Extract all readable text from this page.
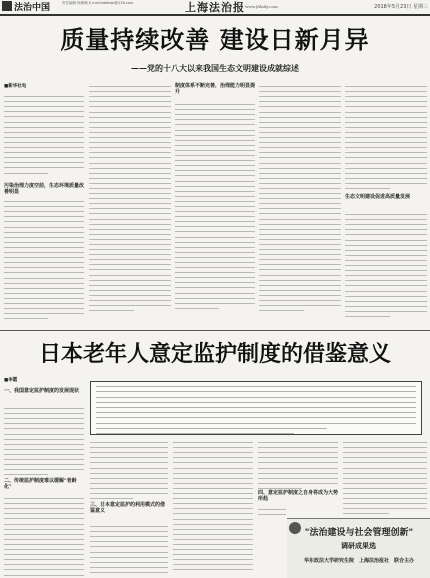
法治中国	责任编辑 杨维翰 E-mail:fzbbbsb@126.com	上海法治报 www.jfdaily.com	2018年5月23日 星期三
质量持续改善 建设日新月异
——党的十八大以来我国生态文明建设成就综述
■新华社电
污染治理力度空前，生态环境质量改善明显
制度体系不断完善，治理能力明显提升
生态文明建设促进高质量发展
日本老年人意定监护制度的借鉴意义
■李霞
一、我国意定监护制度的发展现状
二、传统监护制度难以缓解"老龄化"
三、日本意定监护的利用模式的借鉴意义
四、意定监护制度之自身将成为大势所趋
"法治建设与社会管理创新"
调研成果选
华东政法大学研究生院　上海法治报社　联合主办
